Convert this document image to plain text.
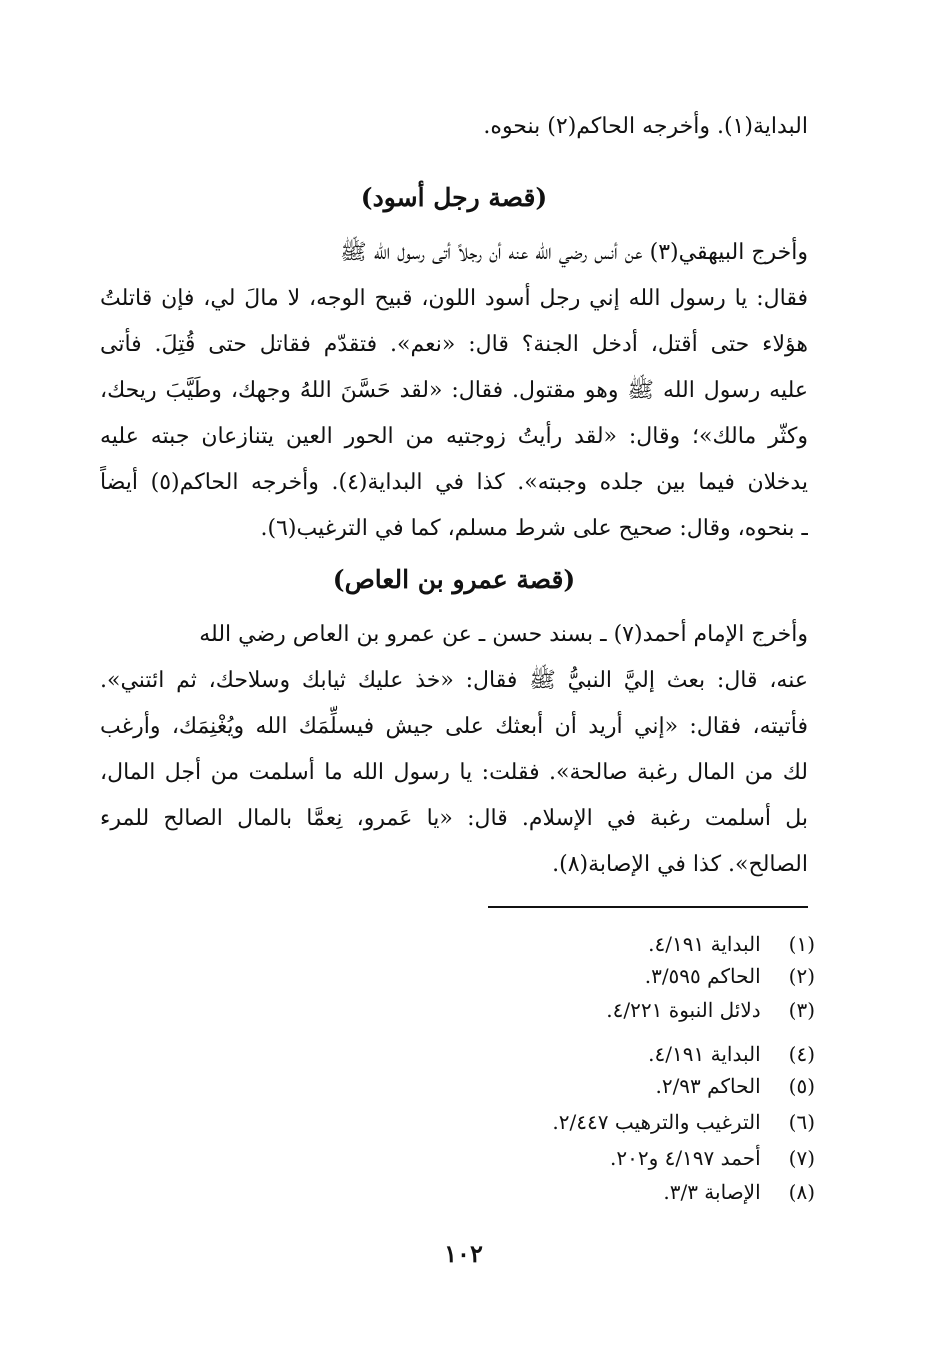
البداية(١). وأخرجه الحاكم(٢) بنحوه.
(قصة رجل أسود)
وأخرج البيهقي(٣) عن أنس رضي الله عنه أن رجلاً أتى رسول الله ﷺ
فقال: يا رسول الله إني رجل أسود اللون، قبيح الوجه، لا مالَ لي، فإن قاتلتُ
هؤلاء حتى أقتل، أدخل الجنة؟ قال: «نعم». فتقدّم فقاتل حتى قُتِلَ. فأتى
عليه رسول الله ﷺ وهو مقتول. فقال: «لقد حَسَّنَ اللهُ وجهك، وطَيَّبَ ريحك،
وكثّر مالك»؛ وقال: «لقد رأيتُ زوجتيه من الحور العين يتنازعان جبته عليه
يدخلان فيما بين جلده وجبته». كذا في البداية(٤). وأخرجه الحاكم(٥) أيضاً
ـ بنحوه، وقال: صحيح على شرط مسلم، كما في الترغيب(٦).
(قصة عمرو بن العاص)
وأخرج الإمام أحمد(٧) ـ بسند حسن ـ عن عمرو بن العاص رضي الله
عنه، قال: بعث إليَّ النبيُّ ﷺ فقال: «خذ عليك ثيابك وسلاحك، ثم ائتني».
فأتيته، فقال: «إني أريد أن أبعثك على جيش فيسلِّمَك الله ويُغْنِمَك، وأرغب
لك من المال رغبة صالحة». فقلت: يا رسول الله ما أسلمت من أجل المال،
بل أسلمت رغبة في الإسلام. قال: «يا عَمرو، نِعمَّا بالمال الصالح للمرء
الصالح». كذا في الإصابة(٨).
(١) البداية ٤/١٩١.
(٢) الحاكم ٣/٥٩٥.
(٣) دلائل النبوة ٤/٢٢١.
(٤) البداية ٤/١٩١.
(٥) الحاكم ٢/٩٣.
(٦) الترغيب والترهيب ٢/٤٤٧.
(٧) أحمد ٤/١٩٧ و٢٠٢.
(٨) الإصابة ٣/٣.
١٠٢
